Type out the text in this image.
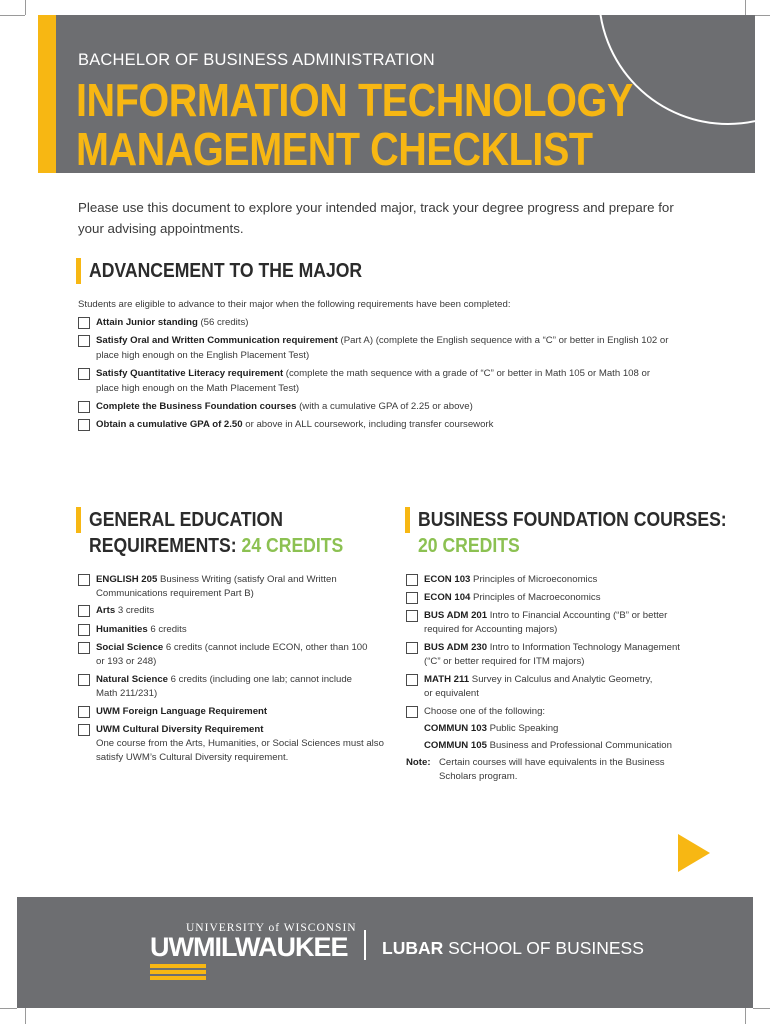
BACHELOR OF BUSINESS ADMINISTRATION
INFORMATION TECHNOLOGY
MANAGEMENT CHECKLIST
Please use this document to explore your intended major, track your degree progress and prepare for your advising appointments.
ADVANCEMENT TO THE MAJOR
Students are eligible to advance to their major when the following requirements have been completed:
Attain Junior standing (56 credits)
Satisfy Oral and Written Communication requirement (Part A) (complete the English sequence with a “C” or better in English 102 or
place high enough on the English Placement Test)
Satisfy Quantitative Literacy requirement (complete the math sequence with a grade of “C” or better in Math 105 or Math 108 or
place high enough on the Math Placement Test)
Complete the Business Foundation courses (with a cumulative GPA of 2.25 or above)
Obtain a cumulative GPA of 2.50 or above in ALL coursework, including transfer coursework
GENERAL EDUCATION
REQUIREMENTS: 24 CREDITS
ENGLISH 205 Business Writing (satisfy Oral and Written
Communications requirement Part B)
Arts 3 credits
Humanities 6 credits
Social Science 6 credits (cannot include ECON, other than 100
or 193 or 248)
Natural Science 6 credits (including one lab; cannot include
Math 211/231)
UWM Foreign Language Requirement
UWM Cultural Diversity Requirement
One course from the Arts, Humanities, or Social Sciences must also
satisfy UWM’s Cultural Diversity requirement.
BUSINESS FOUNDATION COURSES:
20 CREDITS
ECON 103 Principles of Microeconomics
ECON 104 Principles of Macroeconomics
BUS ADM 201 Intro to Financial Accounting (“B” or better
required for Accounting majors)
BUS ADM 230 Intro to Information Technology Management
(“C” or better required for ITM majors)
MATH 211 Survey in Calculus and Analytic Geometry,
or equivalent
Choose one of the following:
COMMUN 103 Public Speaking
COMMUN 105 Business and Professional Communication
Note: Certain courses will have equivalents in the Business
Scholars program.
UNIVERSITY of WISCONSIN
UWMILWAUKEE LUBAR SCHOOL OF BUSINESS
